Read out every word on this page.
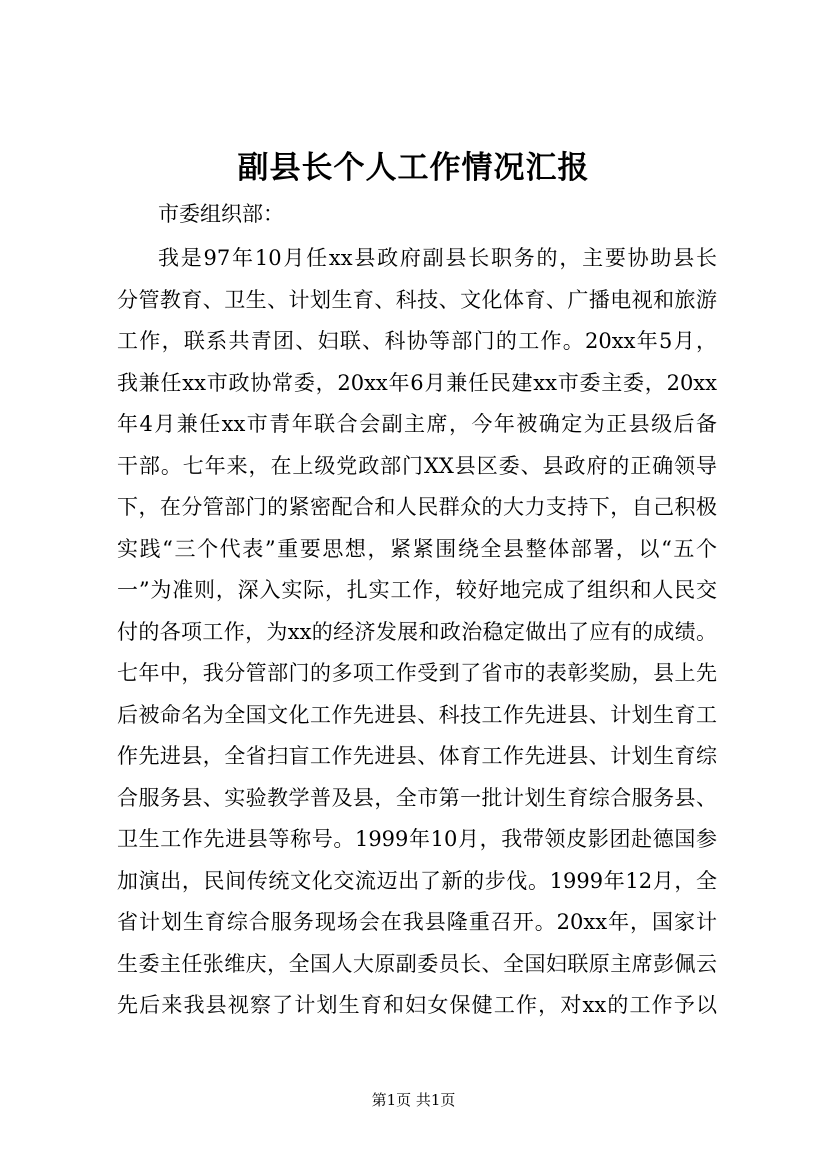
副县长个人工作情况汇报

市委组织部：

我是97年10月任xx县政府副县长职务的，主要协助县长
分管教育、卫生、计划生育、科技、文化体育、广播电视和旅游
工作，联系共青团、妇联、科协等部门的工作。20xx年5月，
我兼任xx市政协常委，20xx年6月兼任民建xx市委主委，20xx
年4月兼任xx市青年联合会副主席，今年被确定为正县级后备
干部。七年来，在上级党政部门XX县区委、县政府的正确领导
下，在分管部门的紧密配合和人民群众的大力支持下，自己积极
实践“三个代表”重要思想，紧紧围绕全县整体部署，以“五个
一”为准则，深入实际，扎实工作，较好地完成了组织和人民交
付的各项工作，为xx的经济发展和政治稳定做出了应有的成绩。
七年中，我分管部门的多项工作受到了省市的表彰奖励，县上先
后被命名为全国文化工作先进县、科技工作先进县、计划生育工
作先进县，全省扫盲工作先进县、体育工作先进县、计划生育综
合服务县、实验教学普及县，全市第一批计划生育综合服务县、
卫生工作先进县等称号。1999年10月，我带领皮影团赴德国参
加演出，民间传统文化交流迈出了新的步伐。1999年12月，全
省计划生育综合服务现场会在我县隆重召开。20xx年，国家计
生委主任张维庆，全国人大原副委员长、全国妇联原主席彭佩云
先后来我县视察了计划生育和妇女保健工作，对xx的工作予以
第1页 共1页
